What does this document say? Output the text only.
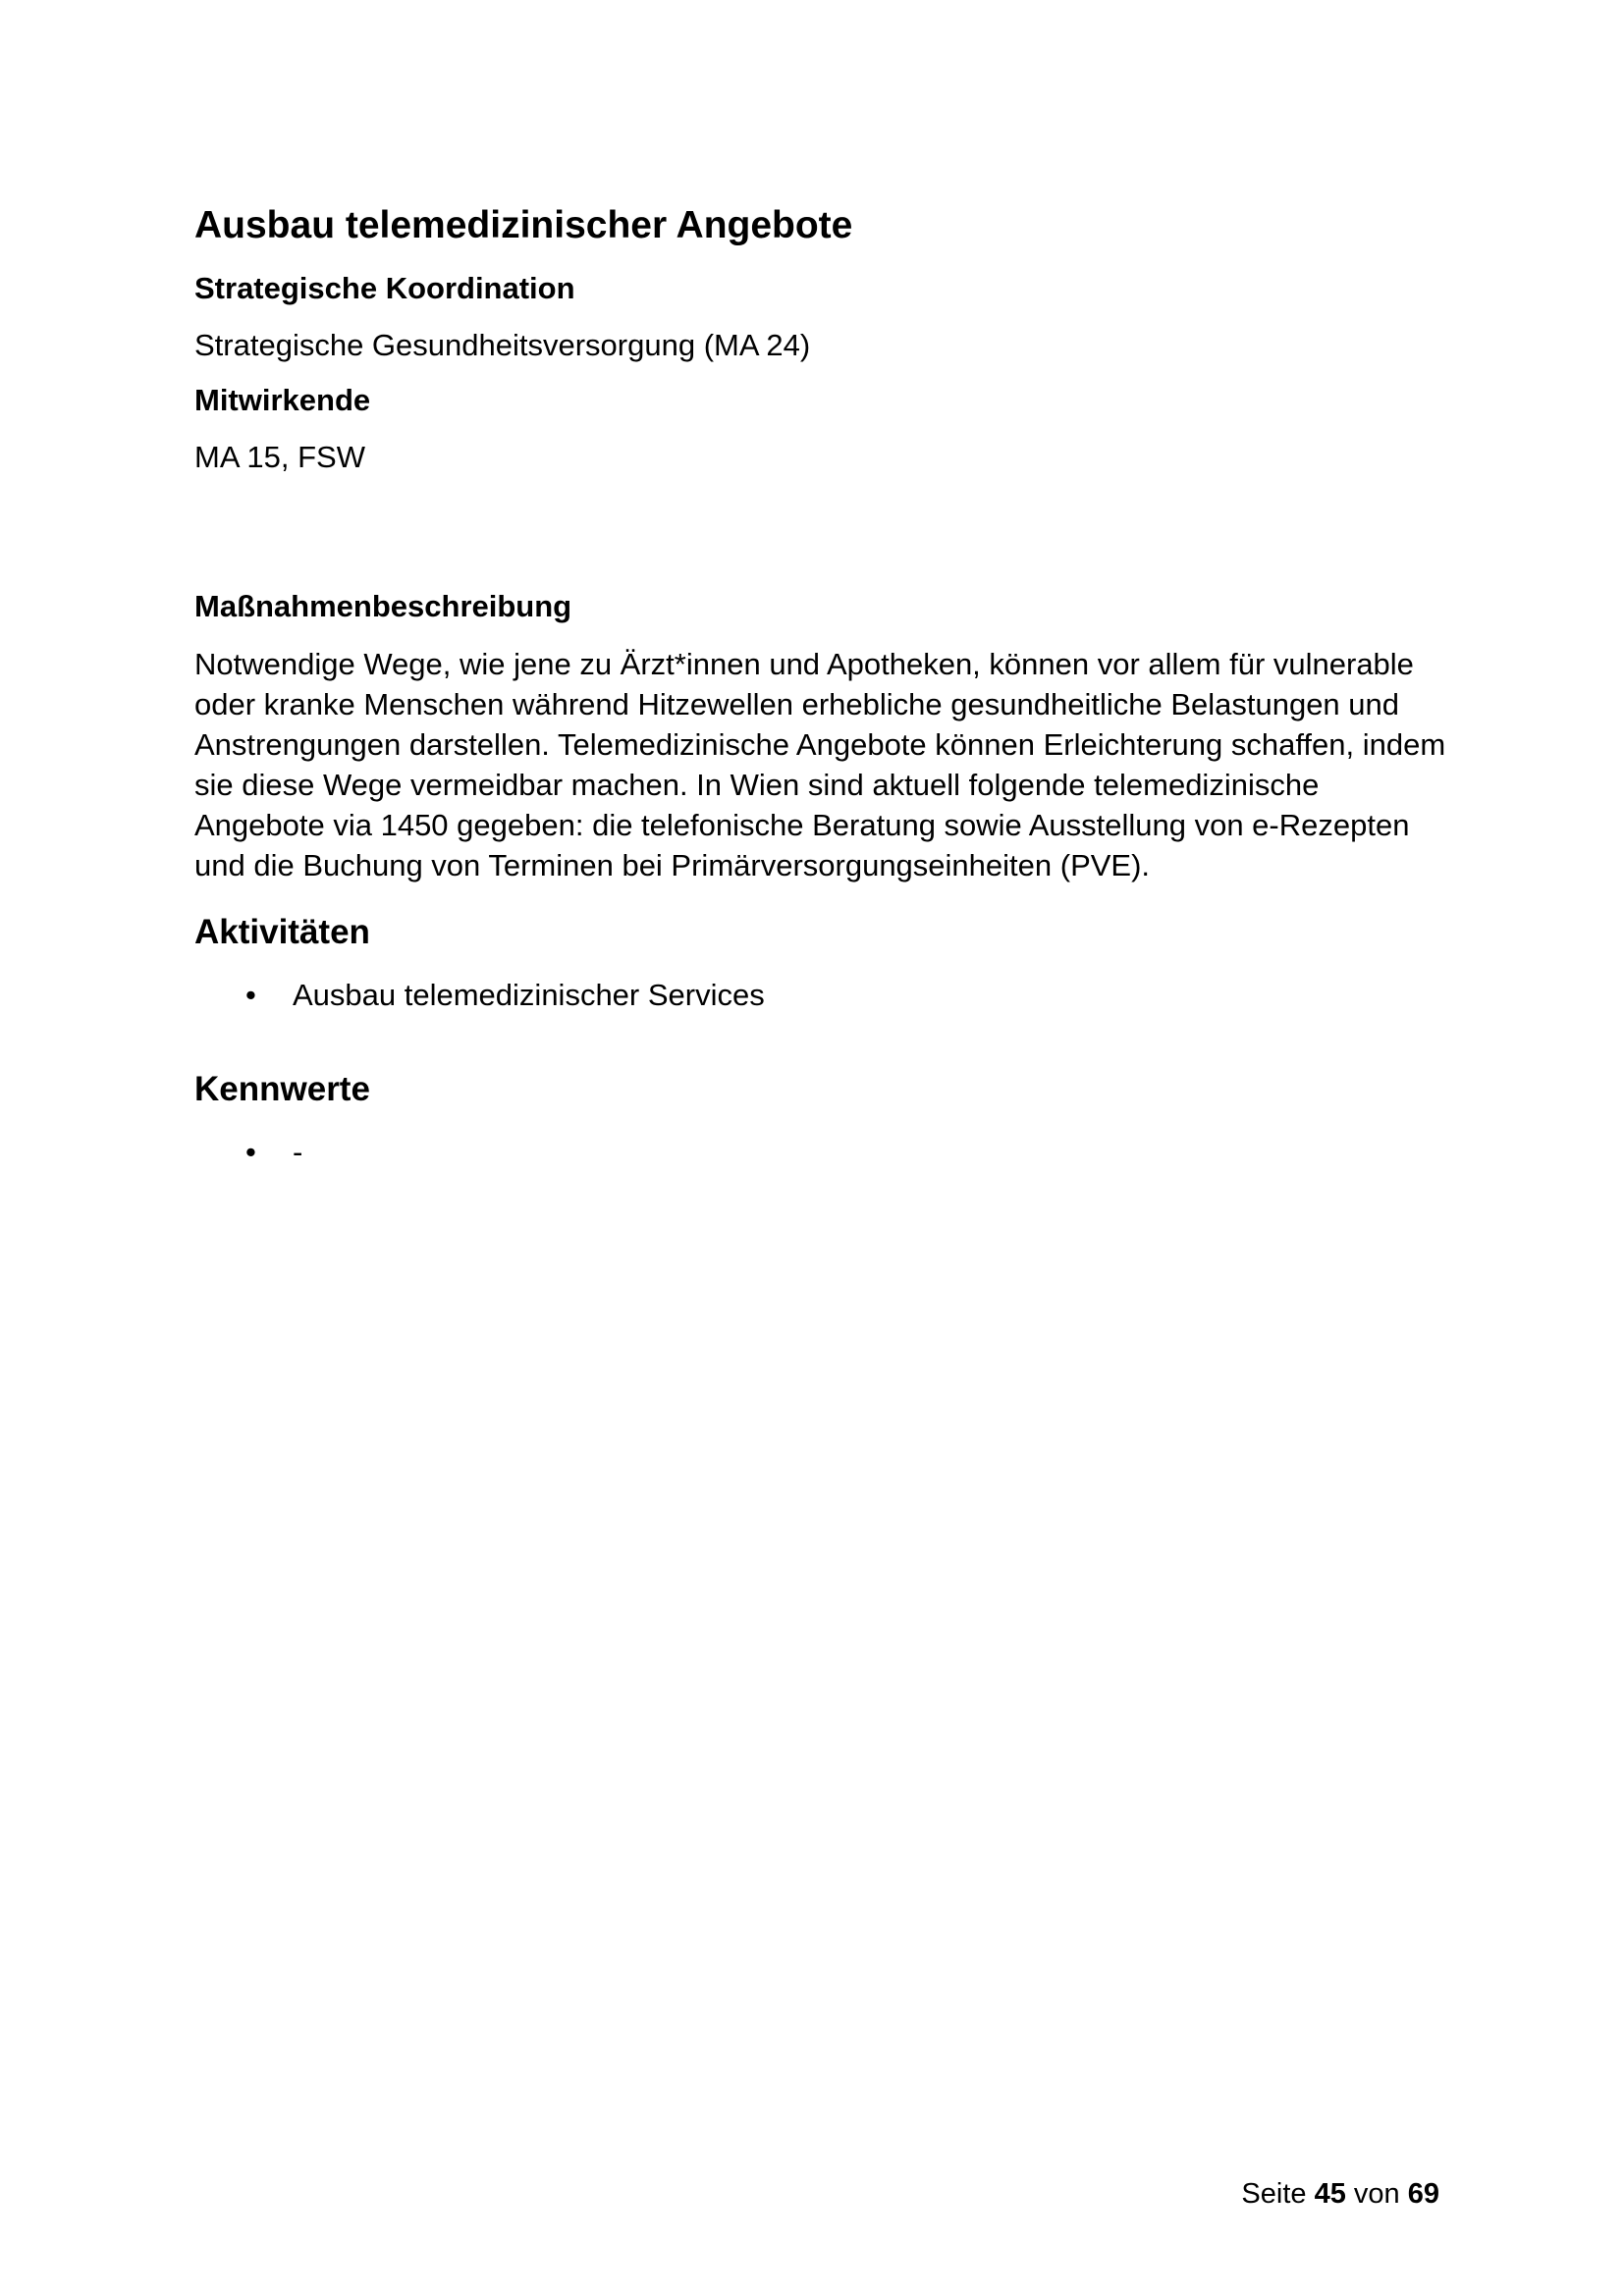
Ausbau telemedizinischer Angebote
Strategische Koordination
Strategische Gesundheitsversorgung (MA 24)
Mitwirkende
MA 15, FSW
Maßnahmenbeschreibung

Notwendige Wege, wie jene zu Ärzt*innen und Apotheken, können vor allem für vulnerable oder kranke Menschen während Hitzewellen erhebliche gesundheitliche Belastungen und Anstrengungen darstellen. Telemedizinische Angebote können Erleichterung schaffen, indem sie diese Wege vermeidbar machen. In Wien sind aktuell folgende telemedizinische Angebote via 1450 gegeben: die telefonische Beratung sowie Ausstellung von e-Rezepten und die Buchung von Terminen bei Primärversorgungseinheiten (PVE).

Aktivitäten
• Ausbau telemedizinischer Services
Kennwerte
• -
Seite 45 von 69
